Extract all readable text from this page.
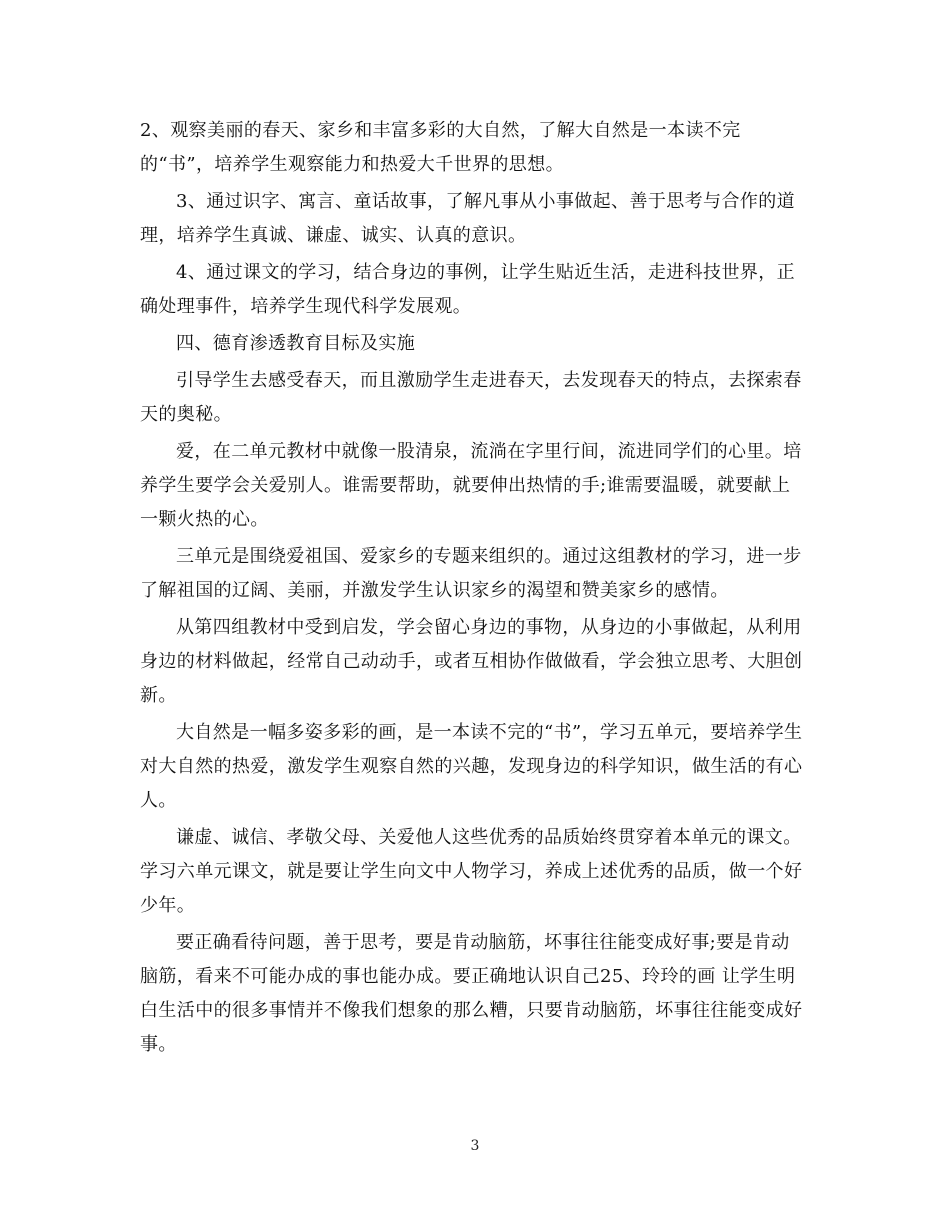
2、观察美丽的春天、家乡和丰富多彩的大自然，了解大自然是一本读不完
的“书”，培养学生观察能力和热爱大千世界的思想。
3、通过识字、寓言、童话故事，了解凡事从小事做起、善于思考与合作的道
理，培养学生真诚、谦虚、诚实、认真的意识。
4、通过课文的学习，结合身边的事例，让学生贴近生活，走进科技世界，正
确处理事件，培养学生现代科学发展观。
四、德育渗透教育目标及实施
引导学生去感受春天，而且激励学生走进春天，去发现春天的特点，去探索春
天的奥秘。
爱，在二单元教材中就像一股清泉，流淌在字里行间，流进同学们的心里。培
养学生要学会关爱别人。谁需要帮助，就要伸出热情的手;谁需要温暖，就要献上
一颗火热的心。
三单元是围绕爱祖国、爱家乡的专题来组织的。通过这组教材的学习，进一步
了解祖国的辽阔、美丽，并激发学生认识家乡的渴望和赞美家乡的感情。
从第四组教材中受到启发，学会留心身边的事物，从身边的小事做起，从利用
身边的材料做起，经常自己动动手，或者互相协作做做看，学会独立思考、大胆创
新。
大自然是一幅多姿多彩的画，是一本读不完的“书”，学习五单元，要培养学生
对大自然的热爱，激发学生观察自然的兴趣，发现身边的科学知识，做生活的有心
人。
谦虚、诚信、孝敬父母、关爱他人这些优秀的品质始终贯穿着本单元的课文。
学习六单元课文，就是要让学生向文中人物学习，养成上述优秀的品质，做一个好
少年。
要正确看待问题，善于思考，要是肯动脑筋，坏事往往能变成好事;要是肯动
脑筋，看来不可能办成的事也能办成。要正确地认识自己25、玲玲的画 让学生明
白生活中的很多事情并不像我们想象的那么糟，只要肯动脑筋，坏事往往能变成好
事。
3
